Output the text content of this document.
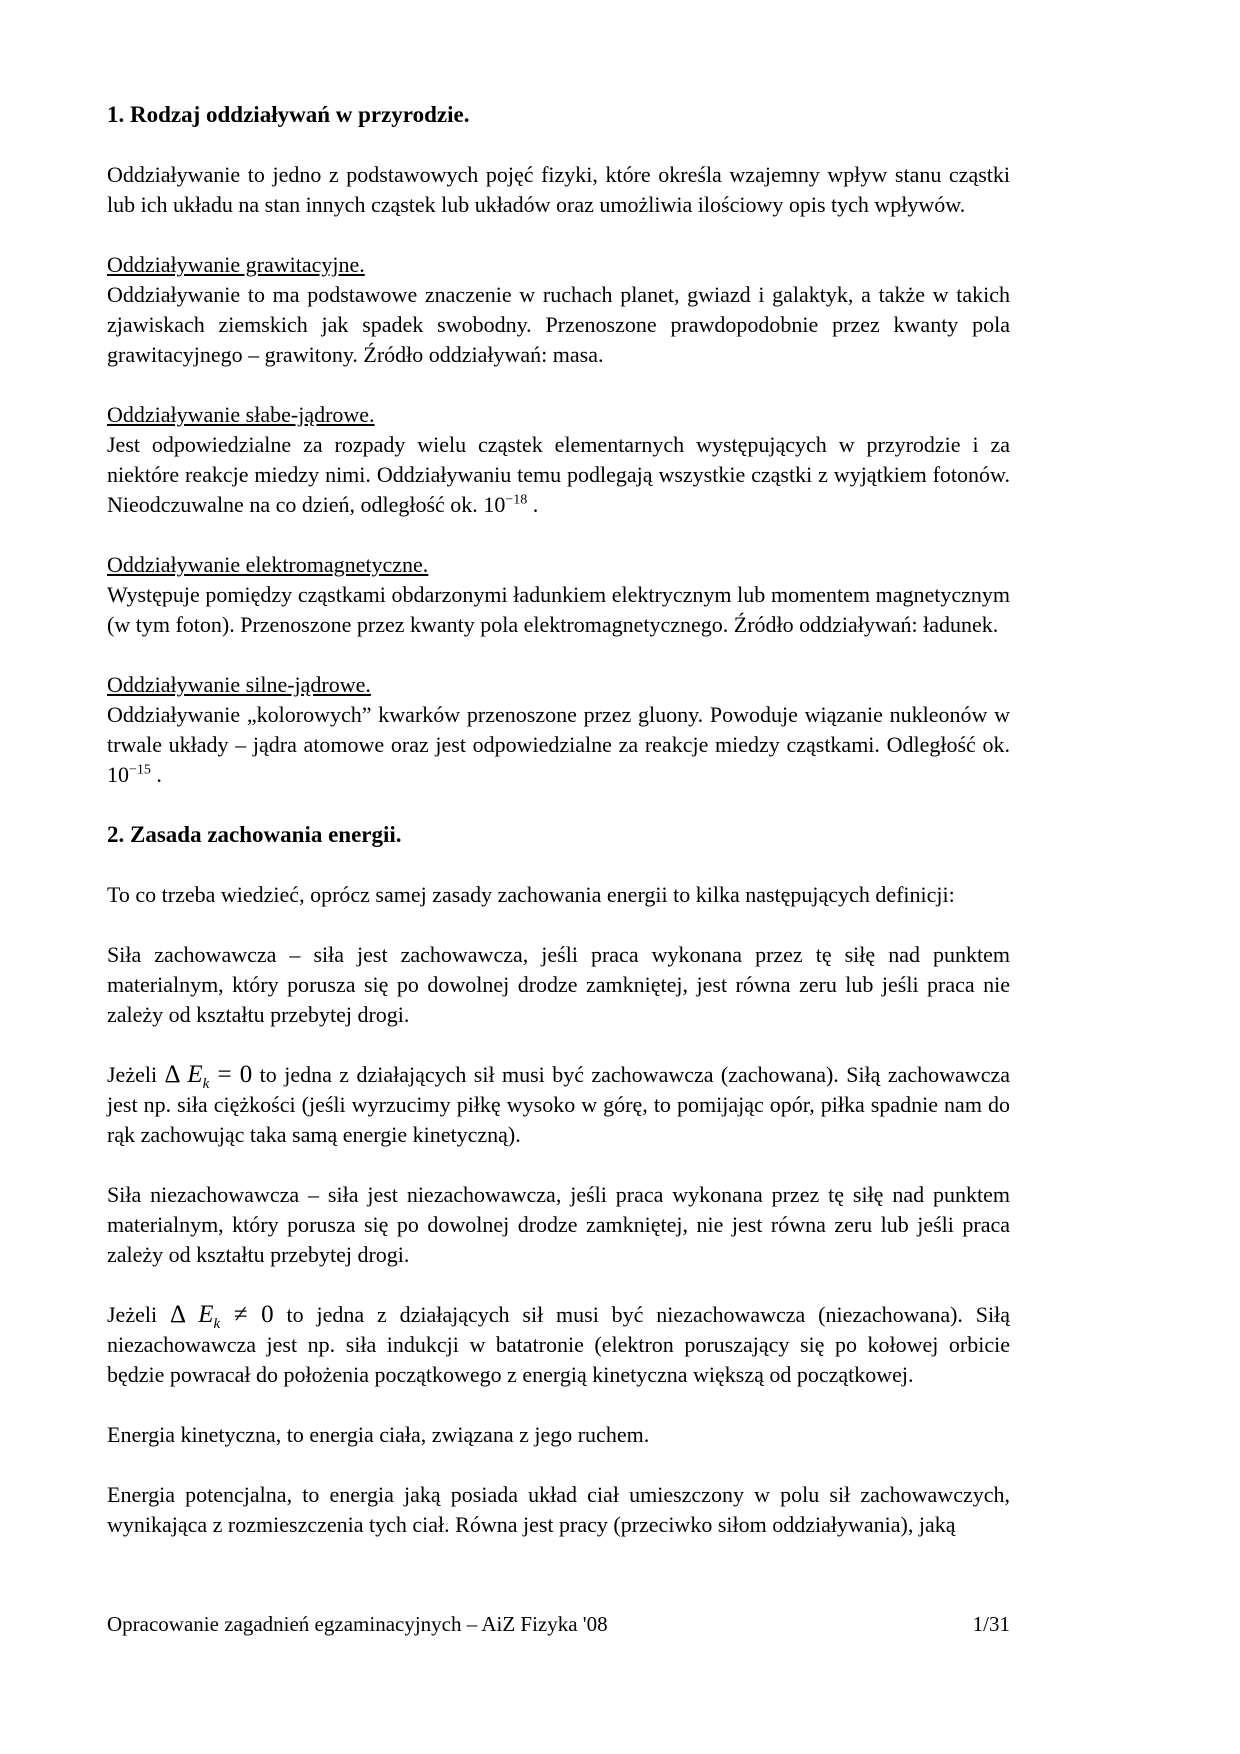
1. Rodzaj oddziaływań w przyrodzie.

Oddziaływanie to jedno z podstawowych pojęć fizyki, które określa wzajemny wpływ stanu cząstki lub ich układu na stan innych cząstek lub układów oraz umożliwia ilościowy opis tych wpływów.

Oddziaływanie grawitacyjne.
Oddziaływanie to ma podstawowe znaczenie w ruchach planet, gwiazd i galaktyk, a także w takich zjawiskach ziemskich jak spadek swobodny. Przenoszone prawdopodobnie przez kwanty pola grawitacyjnego – grawitony. Źródło oddziaływań: masa.
Oddziaływanie słabe-jądrowe.
Jest odpowiedzialne za rozpady wielu cząstek elementarnych występujących w przyrodzie i za niektóre reakcje miedzy nimi. Oddziaływaniu temu podlegają wszystkie cząstki z wyjątkiem fotonów. Nieodczuwalne na co dzień, odległość ok. $10^{-18}$ .
Oddziaływanie elektromagnetyczne.
Występuje pomiędzy cząstkami obdarzonymi ładunkiem elektrycznym lub momentem magnetycznym (w tym foton). Przenoszone przez kwanty pola elektromagnetycznego. Źródło oddziaływań: ładunek.
Oddziaływanie silne-jądrowe.
Oddziaływanie „kolorowych” kwarków przenoszone przez gluony. Powoduje wiązanie nukleonów w trwale układy – jądra atomowe oraz jest odpowiedzialne za reakcje miedzy cząstkami. Odległość ok. $10^{-15}$ .
2. Zasada zachowania energii.

To co trzeba wiedzieć, oprócz samej zasady zachowania energii to kilka następujących definicji:

Siła zachowawcza – siła jest zachowawcza, jeśli praca wykonana przez tę siłę nad punktem materialnym, który porusza się po dowolnej drodze zamkniętej, jest równa zeru lub jeśli praca nie zależy od kształtu przebytej drogi.

Jeżeli Δ $E_k = 0$ to jedna z działających sił musi być zachowawcza (zachowana). Siłą zachowawcza jest np. siła ciężkości (jeśli wyrzucimy piłkę wysoko w górę, to pomijając opór, piłka spadnie nam do rąk zachowując taka samą energie kinetyczną).

Siła niezachowawcza – siła jest niezachowawcza, jeśli praca wykonana przez tę siłę nad punktem materialnym, który porusza się po dowolnej drodze zamkniętej, nie jest równa zeru lub jeśli praca zależy od kształtu przebytej drogi.

Jeżeli Δ $E_k \ne 0$ to jedna z działających sił musi być niezachowawcza (niezachowana). Siłą niezachowawcza jest np. siła indukcji w batatronie (elektron poruszający się po kołowej orbicie będzie powracał do położenia początkowego z energią kinetyczna większą od początkowej.

Energia kinetyczna, to energia ciała, związana z jego ruchem.

Energia potencjalna, to energia jaką posiada układ ciał umieszczony w polu sił zachowawczych, wynikająca z rozmieszczenia tych ciał. Równa jest pracy (przeciwko siłom oddziaływania), jaką

Opracowanie zagadnień egzaminacyjnych – AiZ Fizyka '08	1/31
